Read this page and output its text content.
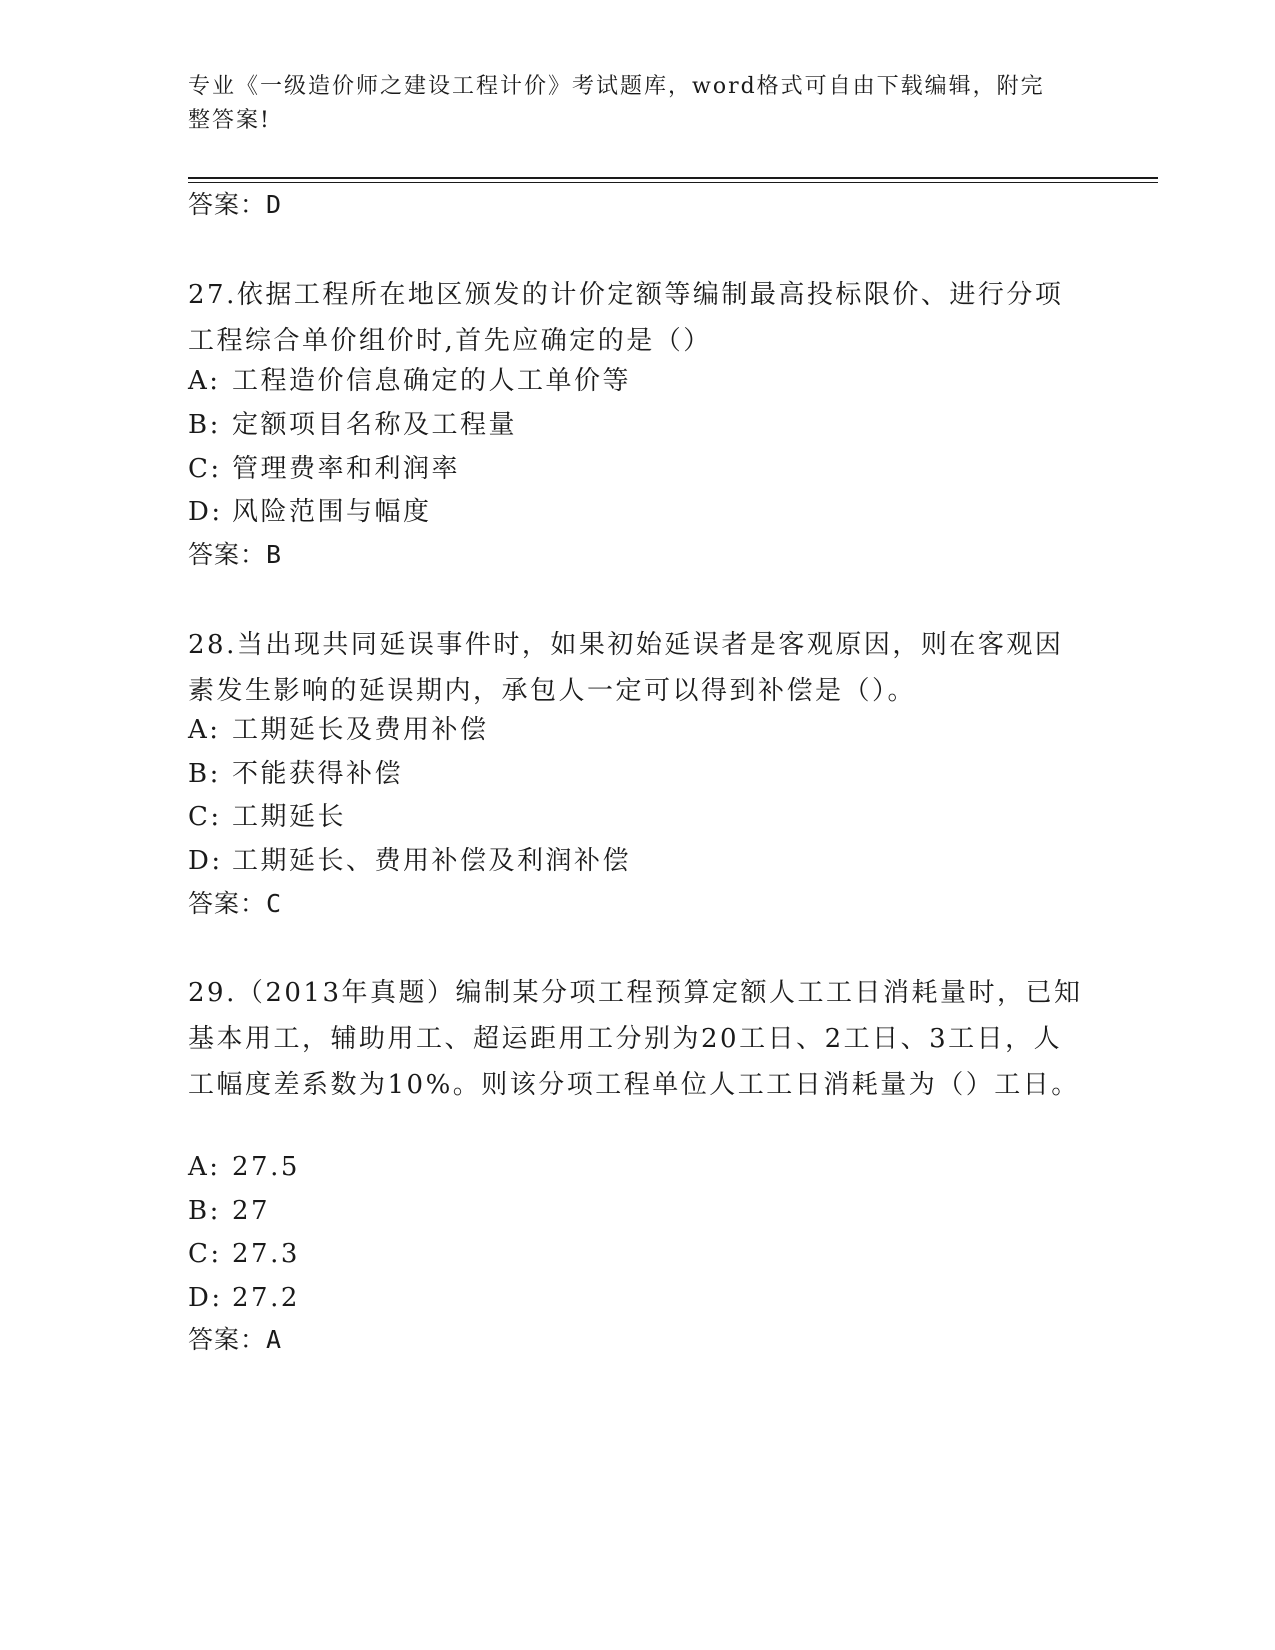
专业《一级造价师之建设工程计价》考试题库，word格式可自由下载编辑，附完整答案!
答案：D
27.依据工程所在地区颁发的计价定额等编制最高投标限价、进行分项工程综合单价组价时,首先应确定的是（）
A: 工程造价信息确定的人工单价等
B: 定额项目名称及工程量
C: 管理费率和利润率
D: 风险范围与幅度
答案：B
28.当出现共同延误事件时，如果初始延误者是客观原因，则在客观因素发生影响的延误期内，承包人一定可以得到补偿是（）。
A: 工期延长及费用补偿
B: 不能获得补偿
C: 工期延长
D: 工期延长、费用补偿及利润补偿
答案：C
29.（2013年真题）编制某分项工程预算定额人工工日消耗量时，已知基本用工，辅助用工、超运距用工分别为20工日、2工日、3工日，人工幅度差系数为10%。则该分项工程单位人工工日消耗量为（）工日。
A: 27.5
B: 27
C: 27.3
D: 27.2
答案：A
